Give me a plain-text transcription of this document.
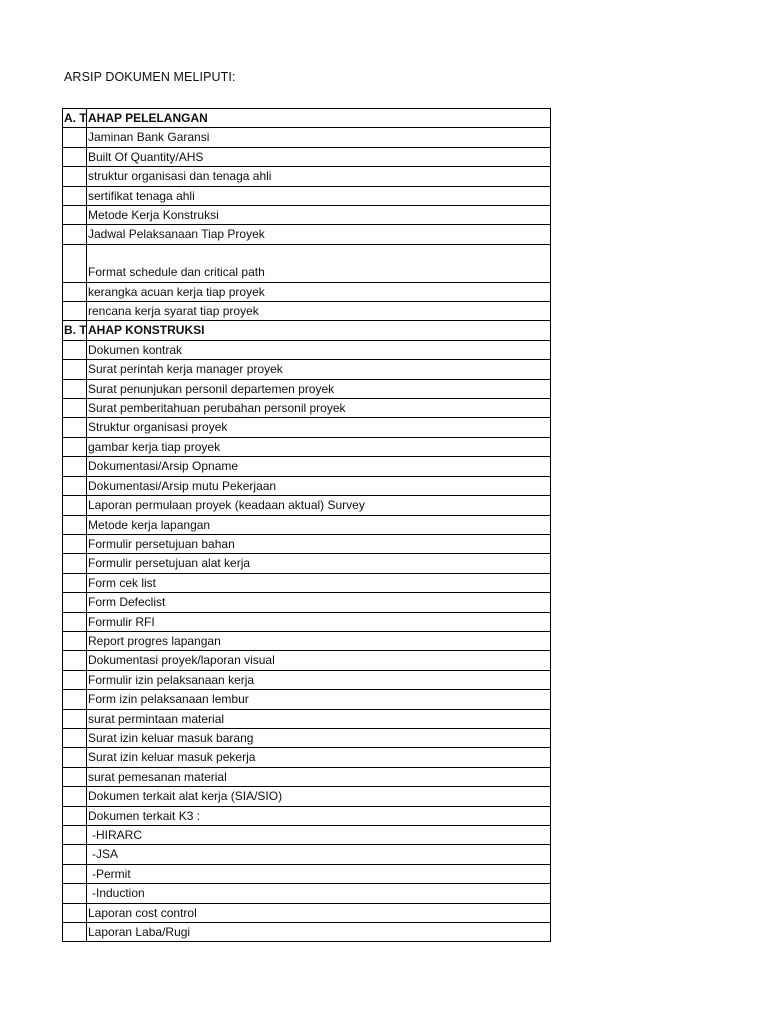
ARSIP DOKUMEN MELIPUTI:
A. T	AHAP PELELANGAN
	Jaminan Bank Garansi
	Built Of Quantity/AHS
	struktur organisasi dan tenaga ahli
	sertifikat tenaga ahli
	Metode Kerja Konstruksi
	Jadwal Pelaksanaan Tiap Proyek
	Format schedule dan critical path
	kerangka acuan kerja tiap proyek
	rencana kerja syarat tiap proyek
B. T	AHAP KONSTRUKSI
	Dokumen kontrak
	Surat perintah kerja manager proyek
	Surat penunjukan personil departemen proyek
	Surat pemberitahuan perubahan personil proyek
	Struktur organisasi proyek
	gambar kerja tiap proyek
	Dokumentasi/Arsip Opname
	Dokumentasi/Arsip mutu Pekerjaan
	Laporan permulaan proyek (keadaan aktual) Survey
	Metode kerja lapangan
	Formulir persetujuan bahan
	Formulir persetujuan alat kerja
	Form cek list
	Form Defeclist
	Formulir RFI
	Report progres lapangan
	Dokumentasi proyek/laporan visual
	Formulir izin pelaksanaan kerja
	Form izin pelaksanaan lembur
	surat permintaan material
	Surat izin keluar masuk barang
	Surat izin keluar masuk pekerja
	surat pemesanan material
	Dokumen terkait alat kerja (SIA/SIO)
	Dokumen terkait K3 :
	-HIRARC
	-JSA
	-Permit
	-Induction
	Laporan cost control
	Laporan Laba/Rugi
